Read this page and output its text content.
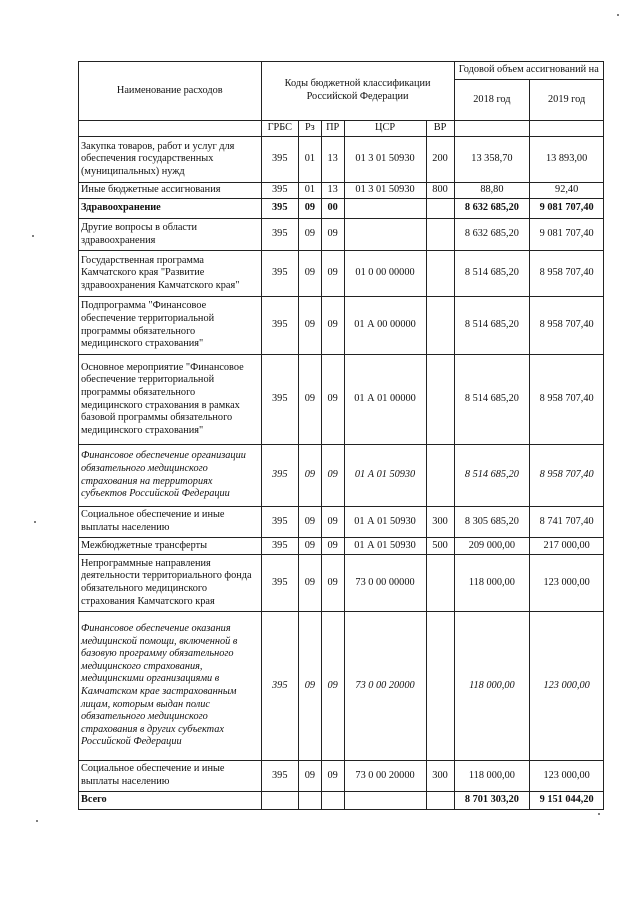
Наименование расходов	Коды бюджетной классификации Российской Федерации					Годовой объем ассигнований на	
						2018 год	2019 год
	ГРБС	Рз	ПР	ЦСР	ВР		
Закупка товаров, работ и услуг для обеспечения государственных (муниципальных) нужд	395	01	13	01 3 01 50930	200	13 358,70	13 893,00
Иные бюджетные ассигнования	395	01	13	01 3 01 50930	800	88,80	92,40
Здравоохранение	395	09	00			8 632 685,20	9 081 707,40
Другие вопросы в области здравоохранения	395	09	09			8 632 685,20	9 081 707,40
Государственная программа Камчатского края "Развитие здравоохранения Камчатского края"	395	09	09	01 0 00 00000		8 514 685,20	8 958 707,40
Подпрограмма "Финансовое обеспечение территориальной программы обязательного медицинского страхования"	395	09	09	01 А 00 00000		8 514 685,20	8 958 707,40
Основное мероприятие "Финансовое обеспечение территориальной программы обязательного медицинского страхования в рамках базовой программы обязательного медицинского страхования"	395	09	09	01 А 01 00000		8 514 685,20	8 958 707,40
Финансовое обеспечение организации обязательного медицинского страхования на территориях субъектов Российской Федерации	395	09	09	01 А 01 50930		8 514 685,20	8 958 707,40
Социальное обеспечение и иные выплаты населению	395	09	09	01 А 01 50930	300	8 305 685,20	8 741 707,40
Межбюджетные трансферты	395	09	09	01 А 01 50930	500	209 000,00	217 000,00
Непрограммные направления деятельности территориального фонда обязательного медицинского страхования Камчатского края	395	09	09	73 0 00 00000		118 000,00	123 000,00
Финансовое обеспечение оказания медицинской помощи, включенной в базовую программу обязательного медицинского страхования, медицинскими организациями в Камчатском крае застрахованным лицам, которым выдан полис обязательного медицинского страхования в других субъектах Российской Федерации	395	09	09	73 0 00 20000		118 000,00	123 000,00
Социальное обеспечение и иные выплаты населению	395	09	09	73 0 00 20000	300	118 000,00	123 000,00
Всего						8 701 303,20	9 151 044,20
